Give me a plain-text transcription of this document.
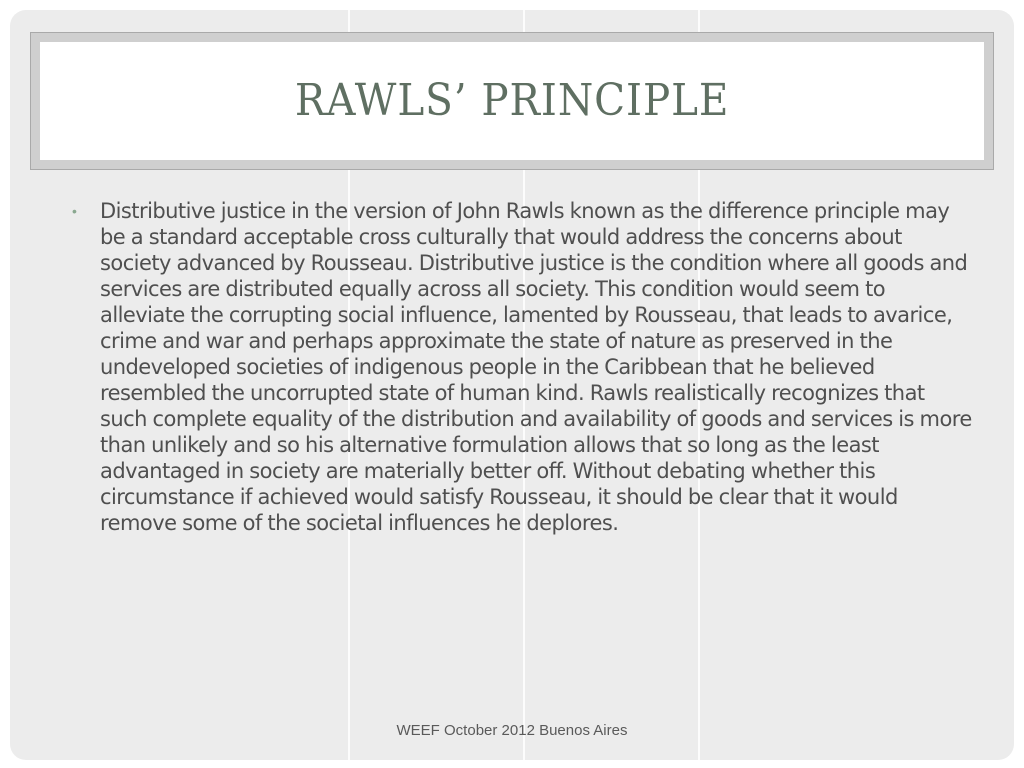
RAWLS’ PRINCIPLE
• Distributive justice in the version of John Rawls known as the difference principle may be a standard acceptable cross culturally that would address the concerns about society advanced by Rousseau. Distributive justice is the condition where all goods and services are distributed equally across all society. This condition would seem to alleviate the corrupting social influence, lamented by Rousseau, that leads to avarice, crime and war and perhaps approximate the state of nature as preserved in the undeveloped societies of indigenous people in the Caribbean that he believed resembled the uncorrupted state of human kind. Rawls realistically recognizes that such complete equality of the distribution and availability of goods and services is more than unlikely and so his alternative formulation allows that so long as the least advantaged in society are materially better off. Without debating whether this circumstance if achieved would satisfy Rousseau, it should be clear that it would remove some of the societal influences he deplores.

WEEF October 2012 Buenos Aires
